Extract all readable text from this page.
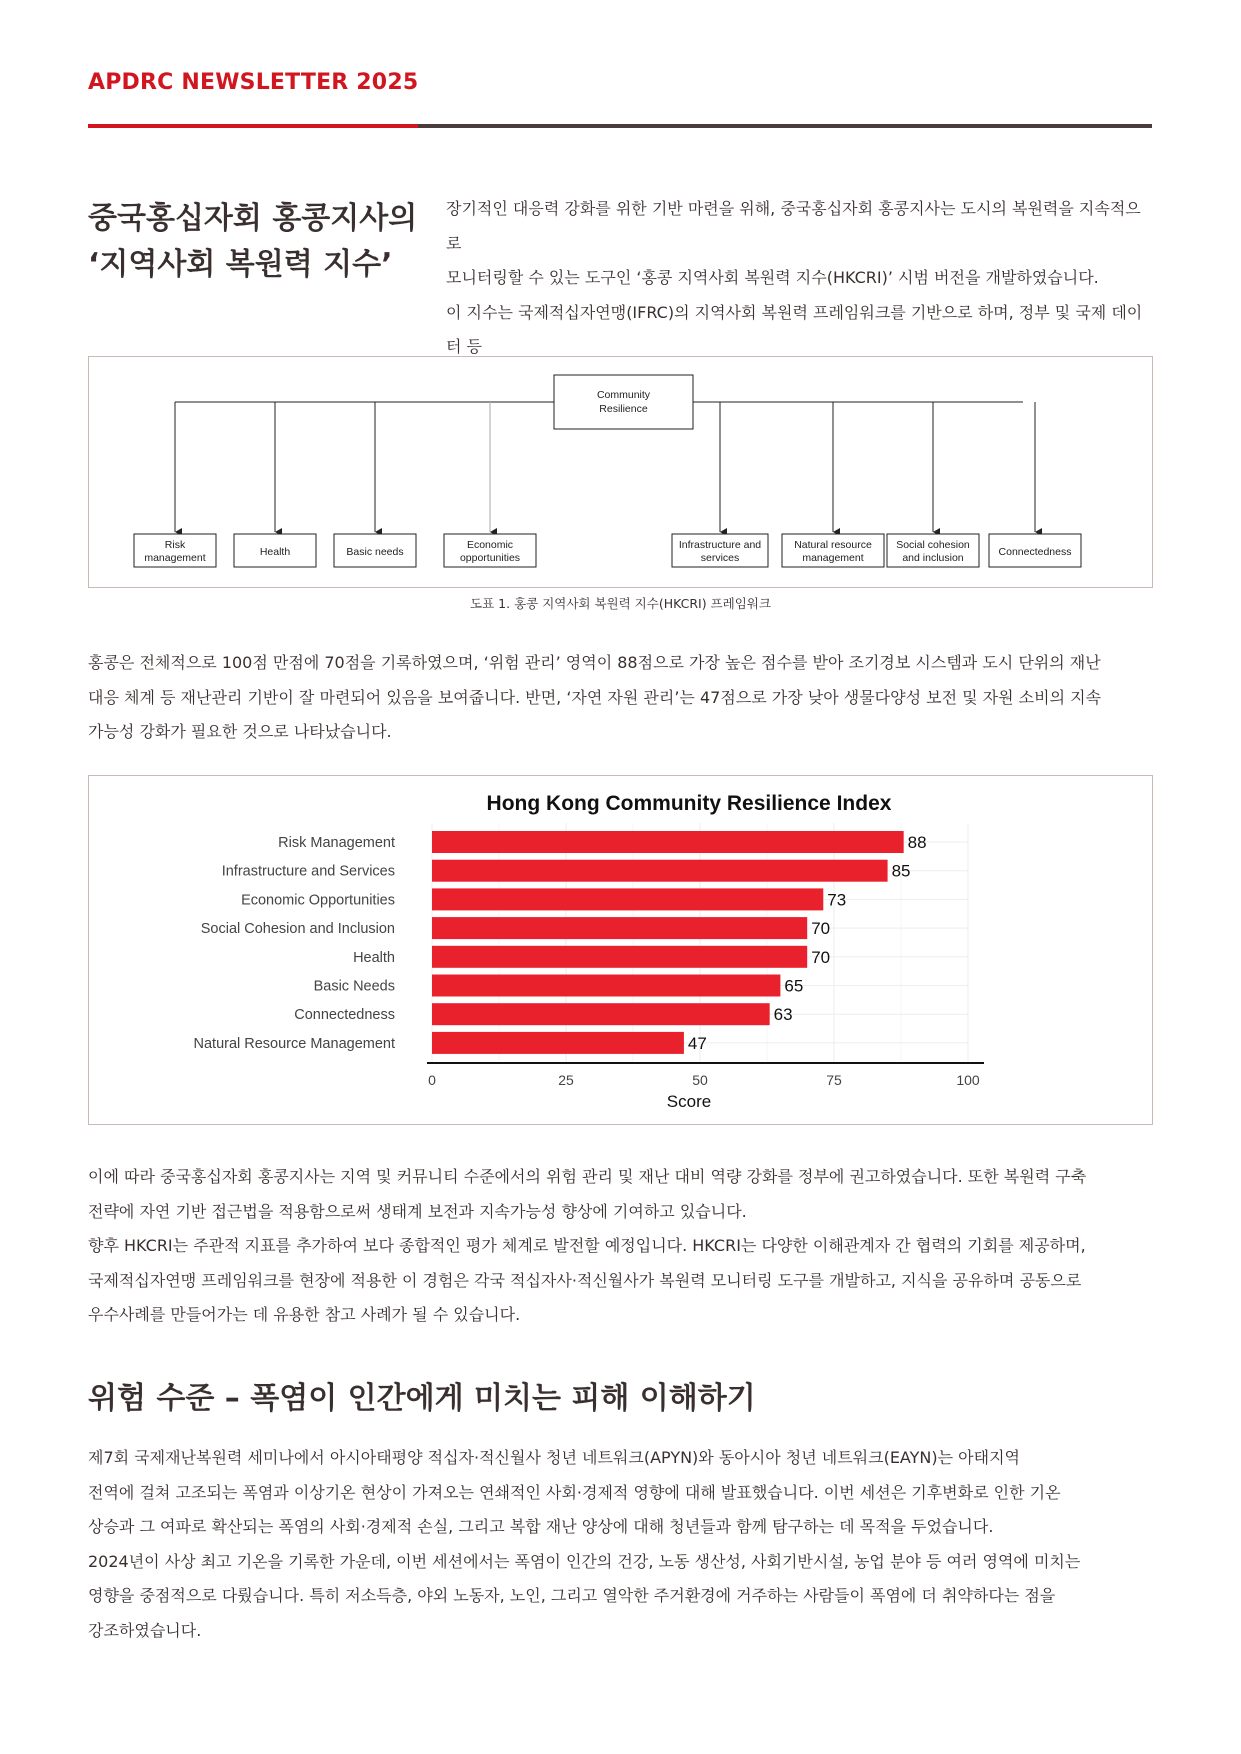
APDRC NEWSLETTER 2025

중국홍십자회 홍콩지사의

‘지역사회 복원력 지수’

장기적인 대응력 강화를 위한 기반 마련을 위해, 중국홍십자회 홍콩지사는 도시의 복원력을 지속적으로

모니터링할 수 있는 도구인 ‘홍콩 지역사회 복원력 지수(HKCRI)’ 시범 버전을 개발하였습니다.

이 지수는 국제적십자연맹(IFRC)의 지역사회 복원력 프레임워크를 기반으로 하며, 정부 및 국제 데이터 등

Community
Resilience
Risk
management	Health	Basic needs
Economic
opportunities
Infrastructure and
services
Natural resource
management
Social cohesion
and inclusion	Connectedness
도표 1. 홍콩 지역사회 복원력 지수(HKCRI) 프레임워크

홍콩은 전체적으로 100점 만점에 70점을 기록하였으며, ‘위험 관리’ 영역이 88점으로 가장 높은 점수를 받아 조기경보 시스템과 도시 단위의 재난

대응 체계 등 재난관리 기반이 잘 마련되어 있음을 보여줍니다. 반면, ‘자연 자원 관리’는 47점으로 가장 낮아 생물다양성 보전 및 자원 소비의 지속

가능성 강화가 필요한 것으로 나타났습니다.

Hong Kong Community Resilience Index
88
Risk Management
85
Infrastructure and Services
73
Economic Opportunities
70
Social Cohesion and Inclusion
70
Health
65
Basic Needs
63
Connectedness
47
Natural Resource Management
0	25	50	75	100
Score

이에 따라 중국홍십자회 홍콩지사는 지역 및 커뮤니티 수준에서의 위험 관리 및 재난 대비 역량 강화를 정부에 권고하였습니다. 또한 복원력 구축

전략에 자연 기반 접근법을 적용함으로써 생태계 보전과 지속가능성 향상에 기여하고 있습니다.

향후 HKCRI는 주관적 지표를 추가하여 보다 종합적인 평가 체계로 발전할 예정입니다. HKCRI는 다양한 이해관계자 간 협력의 기회를 제공하며,

국제적십자연맹 프레임워크를 현장에 적용한 이 경험은 각국 적십자사·적신월사가 복원력 모니터링 도구를 개발하고, 지식을 공유하며 공동으로

우수사례를 만들어가는 데 유용한 참고 사례가 될 수 있습니다.

위험 수준 – 폭염이 인간에게 미치는 피해 이해하기

제7회 국제재난복원력 세미나에서 아시아태평양 적십자·적신월사 청년 네트워크(APYN)와 동아시아 청년 네트워크(EAYN)는 아태지역

전역에 걸쳐 고조되는 폭염과 이상기온 현상이 가져오는 연쇄적인 사회·경제적 영향에 대해 발표했습니다. 이번 세션은 기후변화로 인한 기온

상승과 그 여파로 확산되는 폭염의 사회·경제적 손실, 그리고 복합 재난 양상에 대해 청년들과 함께 탐구하는 데 목적을 두었습니다.

2024년이 사상 최고 기온을 기록한 가운데, 이번 세션에서는 폭염이 인간의 건강, 노동 생산성, 사회기반시설, 농업 분야 등 여러 영역에 미치는

영향을 중점적으로 다뤘습니다. 특히 저소득층, 야외 노동자, 노인, 그리고 열악한 주거환경에 거주하는 사람들이 폭염에 더 취약하다는 점을

강조하였습니다.
